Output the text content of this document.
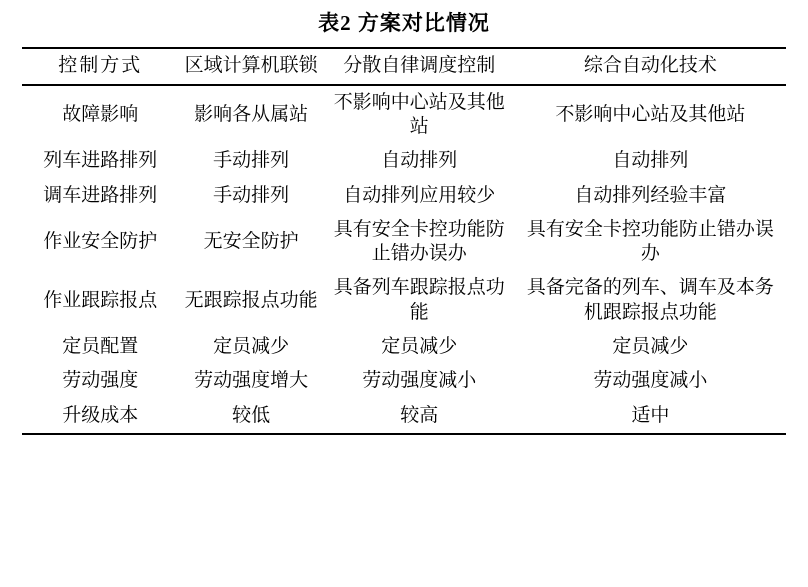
表2 方案对比情况
控制方式	区域计算机联锁	分散自律调度控制	综合自动化技术
故障影响	影响各从属站	不影响中心站及其他站	不影响中心站及其他站
列车进路排列	手动排列	自动排列	自动排列
调车进路排列	手动排列	自动排列应用较少	自动排列经验丰富
作业安全防护	无安全防护	具有安全卡控功能防止错办误办	具有安全卡控功能防止错办误办
作业跟踪报点	无跟踪报点功能	具备列车跟踪报点功能	具备完备的列车、调车及本务机跟踪报点功能
定员配置	定员减少	定员减少	定员减少
劳动强度	劳动强度增大	劳动强度减小	劳动强度减小
升级成本	较低	较高	适中
